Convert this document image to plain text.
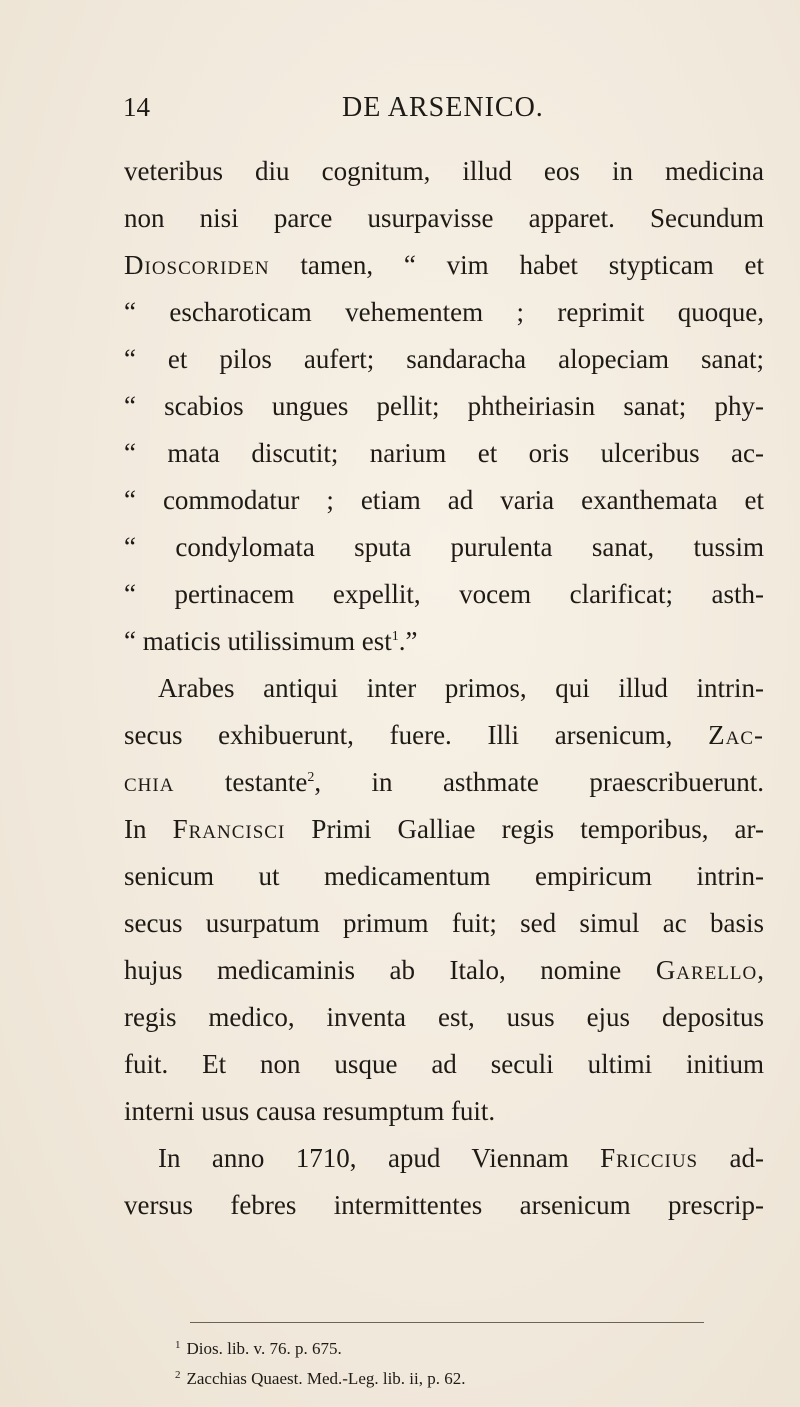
14	DE ARSENICO.
veteribus diu cognitum, illud eos in medicina
non nisi parce usurpavisse apparet. Secundum
Dioscoriden tamen, “ vim habet stypticam et
“ escharoticam vehementem ; reprimit quoque,
“ et pilos aufert; sandaracha alopeciam sanat;
“ scabios ungues pellit; phtheiriasin sanat; phy-
“ mata discutit; narium et oris ulceribus ac-
“ commodatur ; etiam ad varia exanthemata et
“ condylomata sputa purulenta sanat, tussim
“ pertinacem expellit, vocem clarificat; asth-
“ maticis utilissimum est$^1$.”
Arabes antiqui inter primos, qui illud intrin-
secus exhibuerunt, fuere. Illi arsenicum, Zac-
chia testante$^2$, in asthmate praescribuerunt.
In Francisci Primi Galliae regis temporibus, ar-
senicum ut medicamentum empiricum intrin-
secus usurpatum primum fuit; sed simul ac basis
hujus medicaminis ab Italo, nomine Garello,
regis medico, inventa est, usus ejus depositus
fuit. Et non usque ad seculi ultimi initium
interni usus causa resumptum fuit.
In anno 1710, apud Viennam Friccius ad-
versus febres intermittentes arsenicum prescrip-
$^1$ Dios. lib. v. 76. p. 675.
$^2$ Zacchias Quaest. Med.-Leg. lib. ii, p. 62.
